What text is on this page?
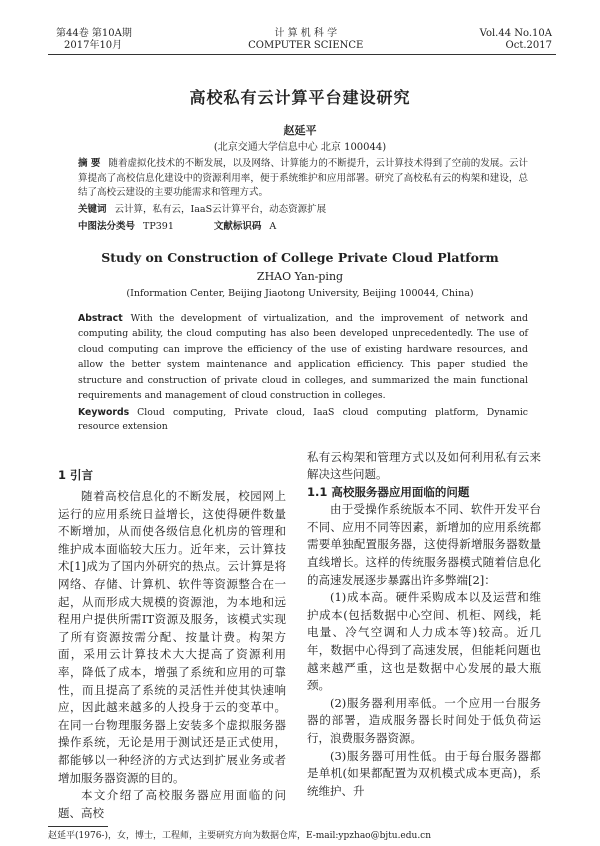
第44卷 第10A期
2017年10月
计 算 机 科 学
COMPUTER SCIENCE
Vol.44 No.10A
Oct.2017
高校私有云计算平台建设研究
赵延平
(北京交通大学信息中心 北京 100044)
摘 要 随着虚拟化技术的不断发展，以及网络、计算能力的不断提升，云计算技术得到了空前的发展。云计算提高了高校信息化建设中的资源利用率，便于系统维护和应用部署。研究了高校私有云的构架和建设，总结了高校云建设的主要功能需求和管理方式。
关键词 云计算，私有云，IaaS云计算平台，动态资源扩展
中图法分类号 TP391	文献标识码 A
Study on Construction of College Private Cloud Platform
ZHAO Yan-ping
(Information Center, Beijing Jiaotong University, Beijing 100044, China)
Abstract With the development of virtualization, and the improvement of network and computing ability, the cloud computing has also been developed unprecedentedly. The use of cloud computing can improve the efficiency of the use of existing hardware resources, and allow the better system maintenance and application efficiency. This paper studied the structure and construction of private cloud in colleges, and summarized the main functional requirements and management of cloud construction in colleges.
Keywords Cloud computing, Private cloud, IaaS cloud computing platform, Dynamic resource extension
1 引言

随着高校信息化的不断发展，校园网上运行的应用系统日益增长，这使得硬件数量不断增加，从而使各级信息化机房的管理和维护成本面临较大压力。近年来，云计算技术[1]成为了国内外研究的热点。云计算是将网络、存储、计算机、软件等资源整合在一起，从而形成大规模的资源池，为本地和远程用户提供所需IT资源及服务，该模式实现了所有资源按需分配、按量计费。构架方面，采用云计算技术大大提高了资源利用率，降低了成本，增强了系统和应用的可靠性，而且提高了系统的灵活性并使其快速响应，因此越来越多的人投身于云的变革中。在同一台物理服务器上安装多个虚拟服务器操作系统，无论是用于测试还是正式使用，都能够以一种经济的方式达到扩展业务或者增加服务器资源的目的。

本文介绍了高校服务器应用面临的问题、高校

私有云构架和管理方式以及如何利用私有云来解决这些问题。

1.1 高校服务器应用面临的问题

由于受操作系统版本不同、软件开发平台不同、应用不同等因素，新增加的应用系统都需要单独配置服务器，这使得新增服务器数量直线增长。这样的传统服务器模式随着信息化的高速发展逐步暴露出许多弊端[2]：

(1)成本高。硬件采购成本以及运营和维护成本(包括数据中心空间、机柜、网线，耗电量、冷气空调和人力成本等)较高。近几年，数据中心得到了高速发展，但能耗问题也越来越严重，这也是数据中心发展的最大瓶颈。

(2)服务器利用率低。一个应用一台服务器的部署，造成服务器长时间处于低负荷运行，浪费服务器资源。

(3)服务器可用性低。由于每台服务器都是单机(如果都配置为双机模式成本更高)，系统维护、升

赵延平(1976-)，女，博士，工程师，主要研究方向为数据仓库，E-mail:ypzhao@bjtu.edu.cn
